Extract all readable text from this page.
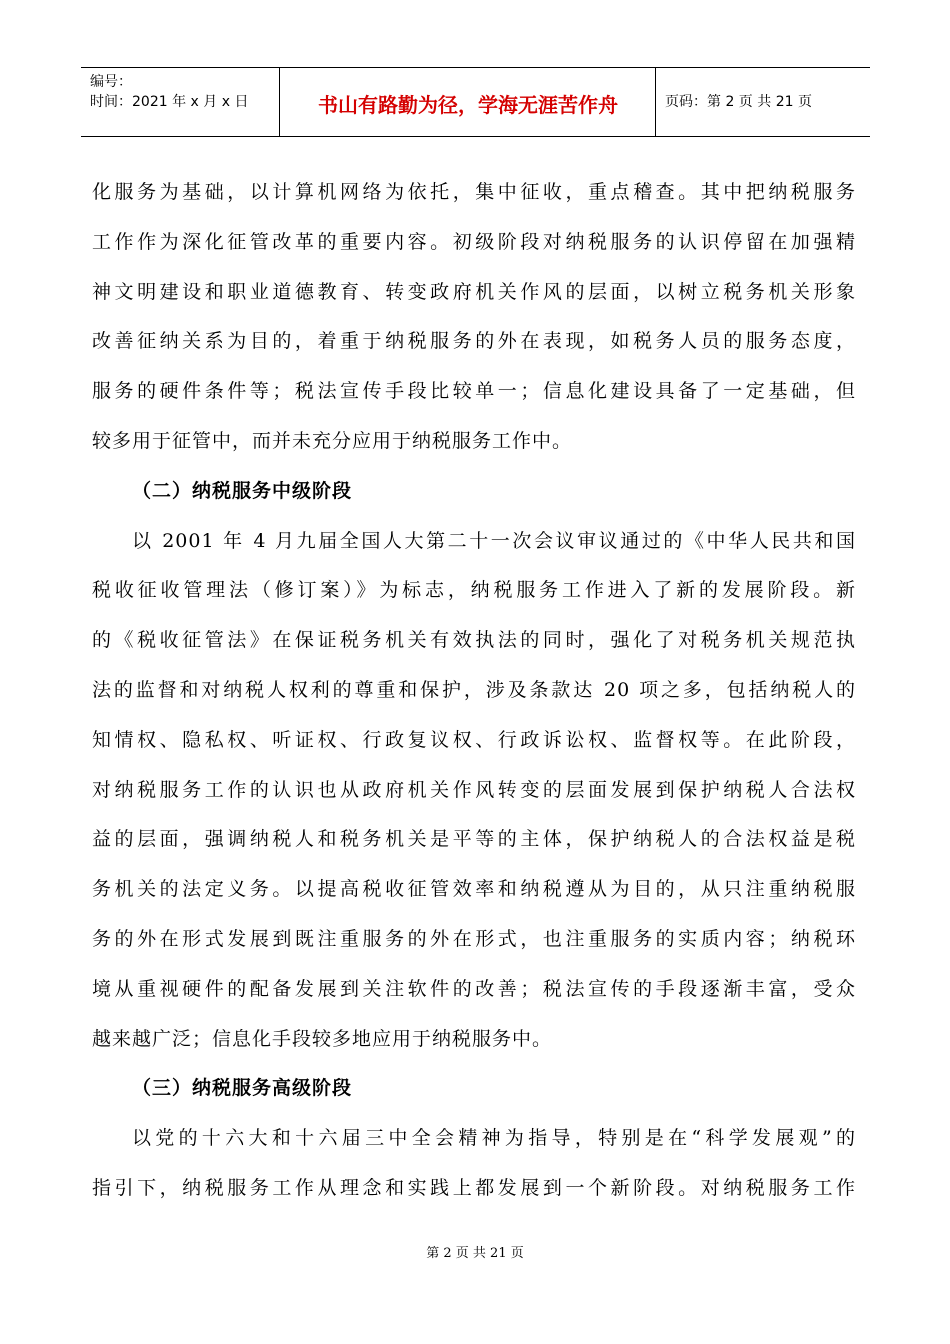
编号：
时间：2021 年 x 月 x 日	书山有路勤为径，学海无涯苦作舟	页码：第 2 页 共 21 页
化服务为基础，以计算机网络为依托，集中征收，重点稽查。其中把纳税服务
工作作为深化征管改革的重要内容。初级阶段对纳税服务的认识停留在加强精
神文明建设和职业道德教育、转变政府机关作风的层面，以树立税务机关形象
改善征纳关系为目的，着重于纳税服务的外在表现，如税务人员的服务态度，
服务的硬件条件等；税法宣传手段比较单一；信息化建设具备了一定基础，但
较多用于征管中，而并未充分应用于纳税服务工作中。
（二）纳税服务中级阶段
以 2001 年 4 月九届全国人大第二十一次会议审议通过的《中华人民共和国
税收征收管理法（修订案）》为标志，纳税服务工作进入了新的发展阶段。新
的《税收征管法》在保证税务机关有效执法的同时，强化了对税务机关规范执
法的监督和对纳税人权利的尊重和保护，涉及条款达 20 项之多，包括纳税人的
知情权、隐私权、听证权、行政复议权、行政诉讼权、监督权等。在此阶段，
对纳税服务工作的认识也从政府机关作风转变的层面发展到保护纳税人合法权
益的层面，强调纳税人和税务机关是平等的主体，保护纳税人的合法权益是税
务机关的法定义务。以提高税收征管效率和纳税遵从为目的，从只注重纳税服
务的外在形式发展到既注重服务的外在形式，也注重服务的实质内容；纳税环
境从重视硬件的配备发展到关注软件的改善；税法宣传的手段逐渐丰富，受众
越来越广泛；信息化手段较多地应用于纳税服务中。
（三）纳税服务高级阶段
以党的十六大和十六届三中全会精神为指导，特别是在“科学发展观”的
指引下，纳税服务工作从理念和实践上都发展到一个新阶段。对纳税服务工作
第 2 页 共 21 页
